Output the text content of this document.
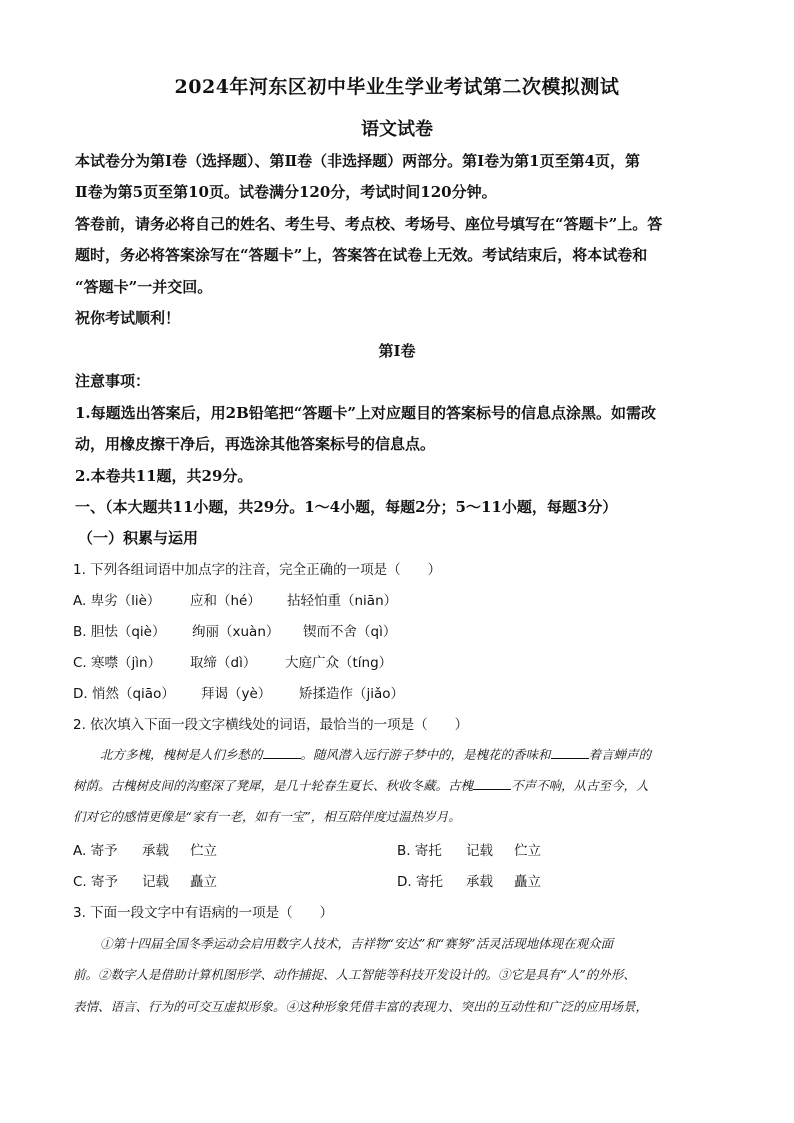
2024年河东区初中毕业生学业考试第二次模拟测试
语文试卷
本试卷分为第Ⅰ卷（选择题）、第Ⅱ卷（非选择题）两部分。第Ⅰ卷为第1页至第4页，第
Ⅱ卷为第5页至第10页。试卷满分120分，考试时间120分钟。
答卷前，请务必将自己的姓名、考生号、考点校、考场号、座位号填写在“答题卡”上。答
题时，务必将答案涂写在“答题卡”上，答案答在试卷上无效。考试结束后，将本试卷和
“答题卡”一并交回。
祝你考试顺利！
第Ⅰ卷
注意事项：
1.每题选出答案后，用2B铅笔把“答题卡”上对应题目的答案标号的信息点涂黑。如需改
动，用橡皮擦干净后，再选涂其他答案标号的信息点。
2.本卷共11题，共29分。
一、（本大题共11小题，共29分。1～4小题，每题2分；5～11小题，每题3分）
（一）积累与运用
1. 下列各组词语中加点字的注音，完全正确的一项是（　　）
A. 卑劣（liè） 应和（hé） 拈轻怕重（niān）
B. 胆怯（qiè） 绚丽（xuàn） 锲而不舍（qì）
C. 寒噤（jìn） 取缔（dì） 大庭广众（tíng）
D. 悄然（qiāo） 拜谒（yè） 矫揉造作（jiǎo）
2. 依次填入下面一段文字横线处的词语，最恰当的一项是（　　）
北方多槐，槐树是人们乡愁的	。随风潜入远行游子梦中的，是槐花的香味和	着言蝉声的
树荫。古槐树皮间的沟壑深了凳犀，是几十轮春生夏长、秋收冬藏。古槐	不声不响，从古至今，人
们对它的感情更像是“家有一老，如有一宝”，相互陪伴度过温热岁月。
A. 寄予 承载 伫立	B. 寄托 记载 伫立
C. 寄予 记载 矗立	D. 寄托 承载 矗立
3. 下面一段文字中有语病的一项是（　　）
①第十四届全国冬季运动会启用数字人技术，吉祥物“安达”和“赛努”活灵活现地体现在观众面
前。②数字人是借助计算机图形学、动作捕捉、人工智能等科技开发设计的。③它是具有“人”的外形、
表情、语言、行为的可交互虚拟形象。④这种形象凭借丰富的表现力、突出的互动性和广泛的应用场景，
